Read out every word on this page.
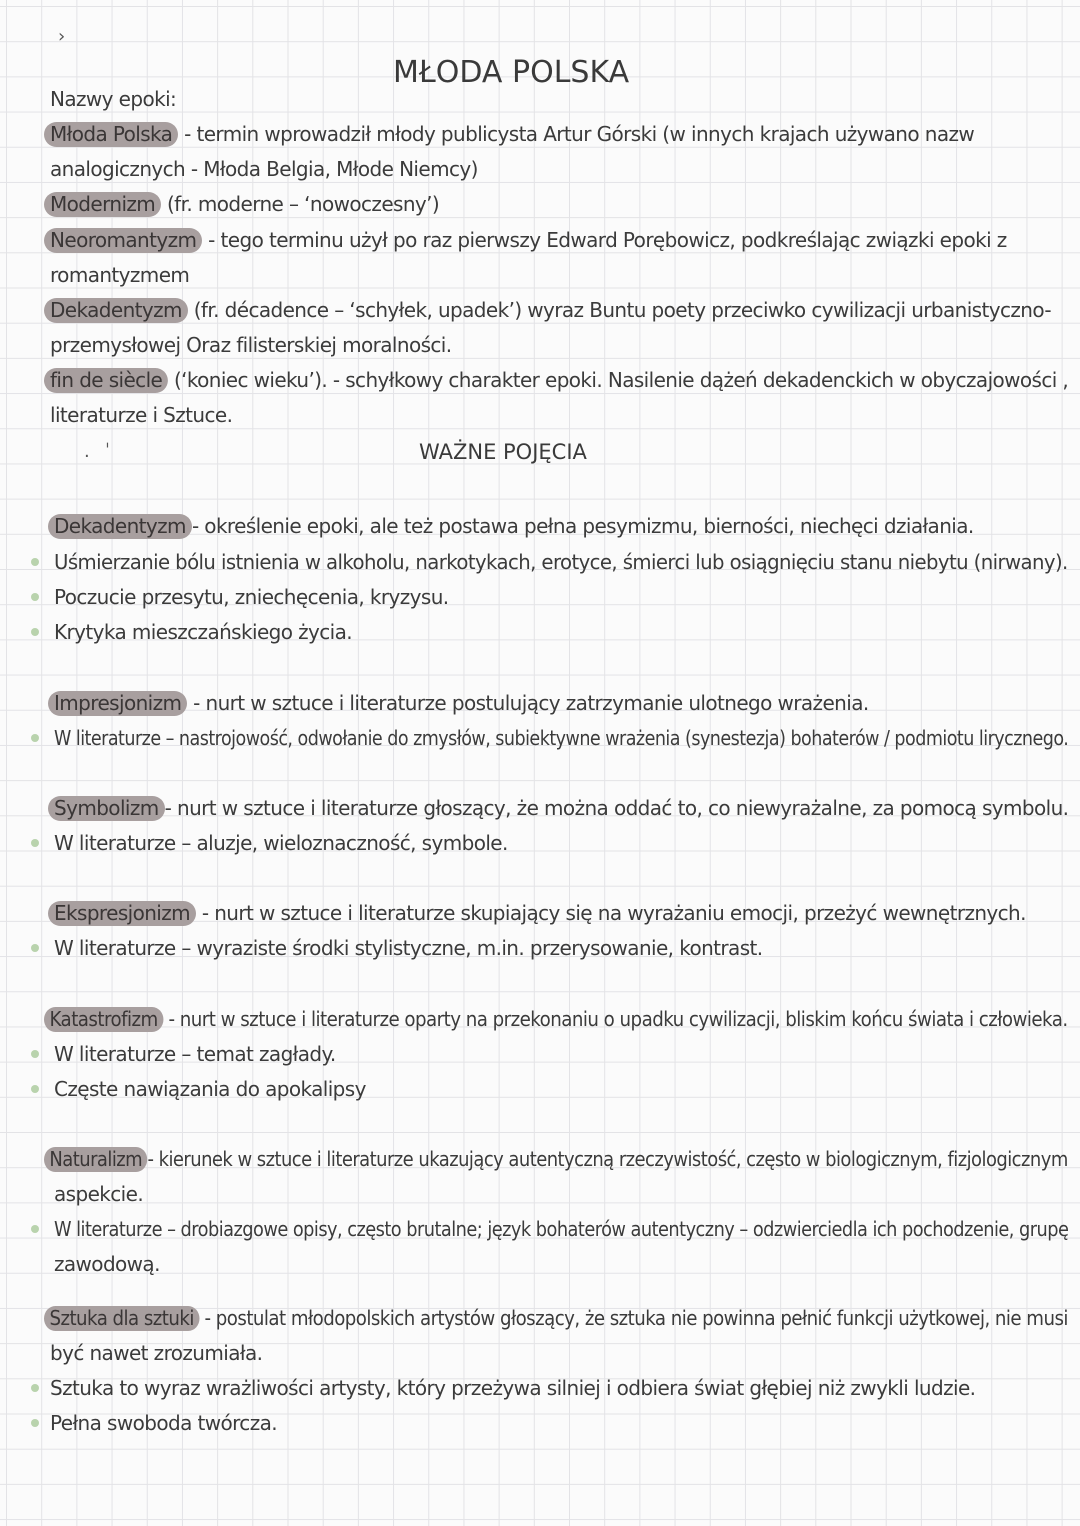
›
· ˈ
MŁODA POLSKA
Nazwy epoki:
Młoda Polska - termin wprowadził młody publicysta Artur Górski (w innych krajach używano nazw
analogicznych - Młoda Belgia, Młode Niemcy)
Modernizm (fr. moderne – ‘nowoczesny’)
Neoromantyzm - tego terminu użył po raz pierwszy Edward Porębowicz, podkreślając związki epoki z
romantyzmem
Dekadentyzm (fr. décadence – ‘schyłek, upadek’) wyraz Buntu poety przeciwko cywilizacji urbanistyczno-
przemysłowej Oraz filisterskiej moralności.
fin de siècle (‘koniec wieku’). - schyłkowy charakter epoki. Nasilenie dążeń dekadenckich w obyczajowości ,
literaturze i Sztuce.
WAŻNE POJĘCIA
Dekadentyzm - określenie epoki, ale też postawa pełna pesymizmu, bierności, niechęci działania.
Uśmierzanie bólu istnienia w alkoholu, narkotykach, erotyce, śmierci lub osiągnięciu stanu niebytu (nirwany).
Poczucie przesytu, zniechęcenia, kryzysu.
Krytyka mieszczańskiego życia.
Impresjonizm - nurt w sztuce i literaturze postulujący zatrzymanie ulotnego wrażenia.
W literaturze – nastrojowość, odwołanie do zmysłów, subiektywne wrażenia (synestezja) bohaterów / podmiotu lirycznego.
Symbolizm - nurt w sztuce i literaturze głoszący, że można oddać to, co niewyrażalne, za pomocą symbolu.
W literaturze – aluzje, wieloznaczność, symbole.
Ekspresjonizm - nurt w sztuce i literaturze skupiający się na wyrażaniu emocji, przeżyć wewnętrznych.
W literaturze – wyraziste środki stylistyczne, m.in. przerysowanie, kontrast.
Katastrofizm - nurt w sztuce i literaturze oparty na przekonaniu o upadku cywilizacji, bliskim końcu świata i człowieka.
W literaturze – temat zagłady.
Częste nawiązania do apokalipsy
Naturalizm - kierunek w sztuce i literaturze ukazujący autentyczną rzeczywistość, często w biologicznym, fizjologicznym
aspekcie.
W literaturze – drobiazgowe opisy, często brutalne; język bohaterów autentyczny – odzwierciedla ich pochodzenie, grupę
zawodową.
Sztuka dla sztuki - postulat młodopolskich artystów głoszący, że sztuka nie powinna pełnić funkcji użytkowej, nie musi
być nawet zrozumiała.
Sztuka to wyraz wrażliwości artysty, który przeżywa silniej i odbiera świat głębiej niż zwykli ludzie.
Pełna swoboda twórcza.
